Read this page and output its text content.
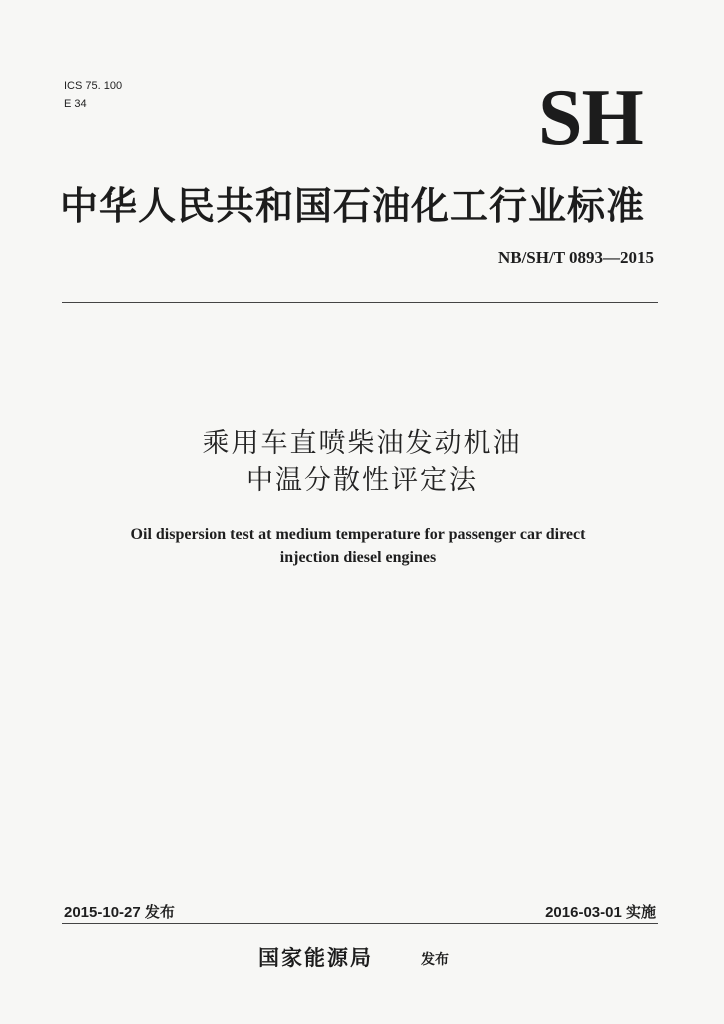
ICS 75. 100
E 34	SH
中华人民共和国石油化工行业标准
NB/SH/T 0893—2015
乘用车直喷柴油发动机油
中温分散性评定法
Oil dispersion test at medium temperature for passenger car direct
injection diesel engines
2015-10-27 发布	2016-03-01 实施
国家能源局	发布
